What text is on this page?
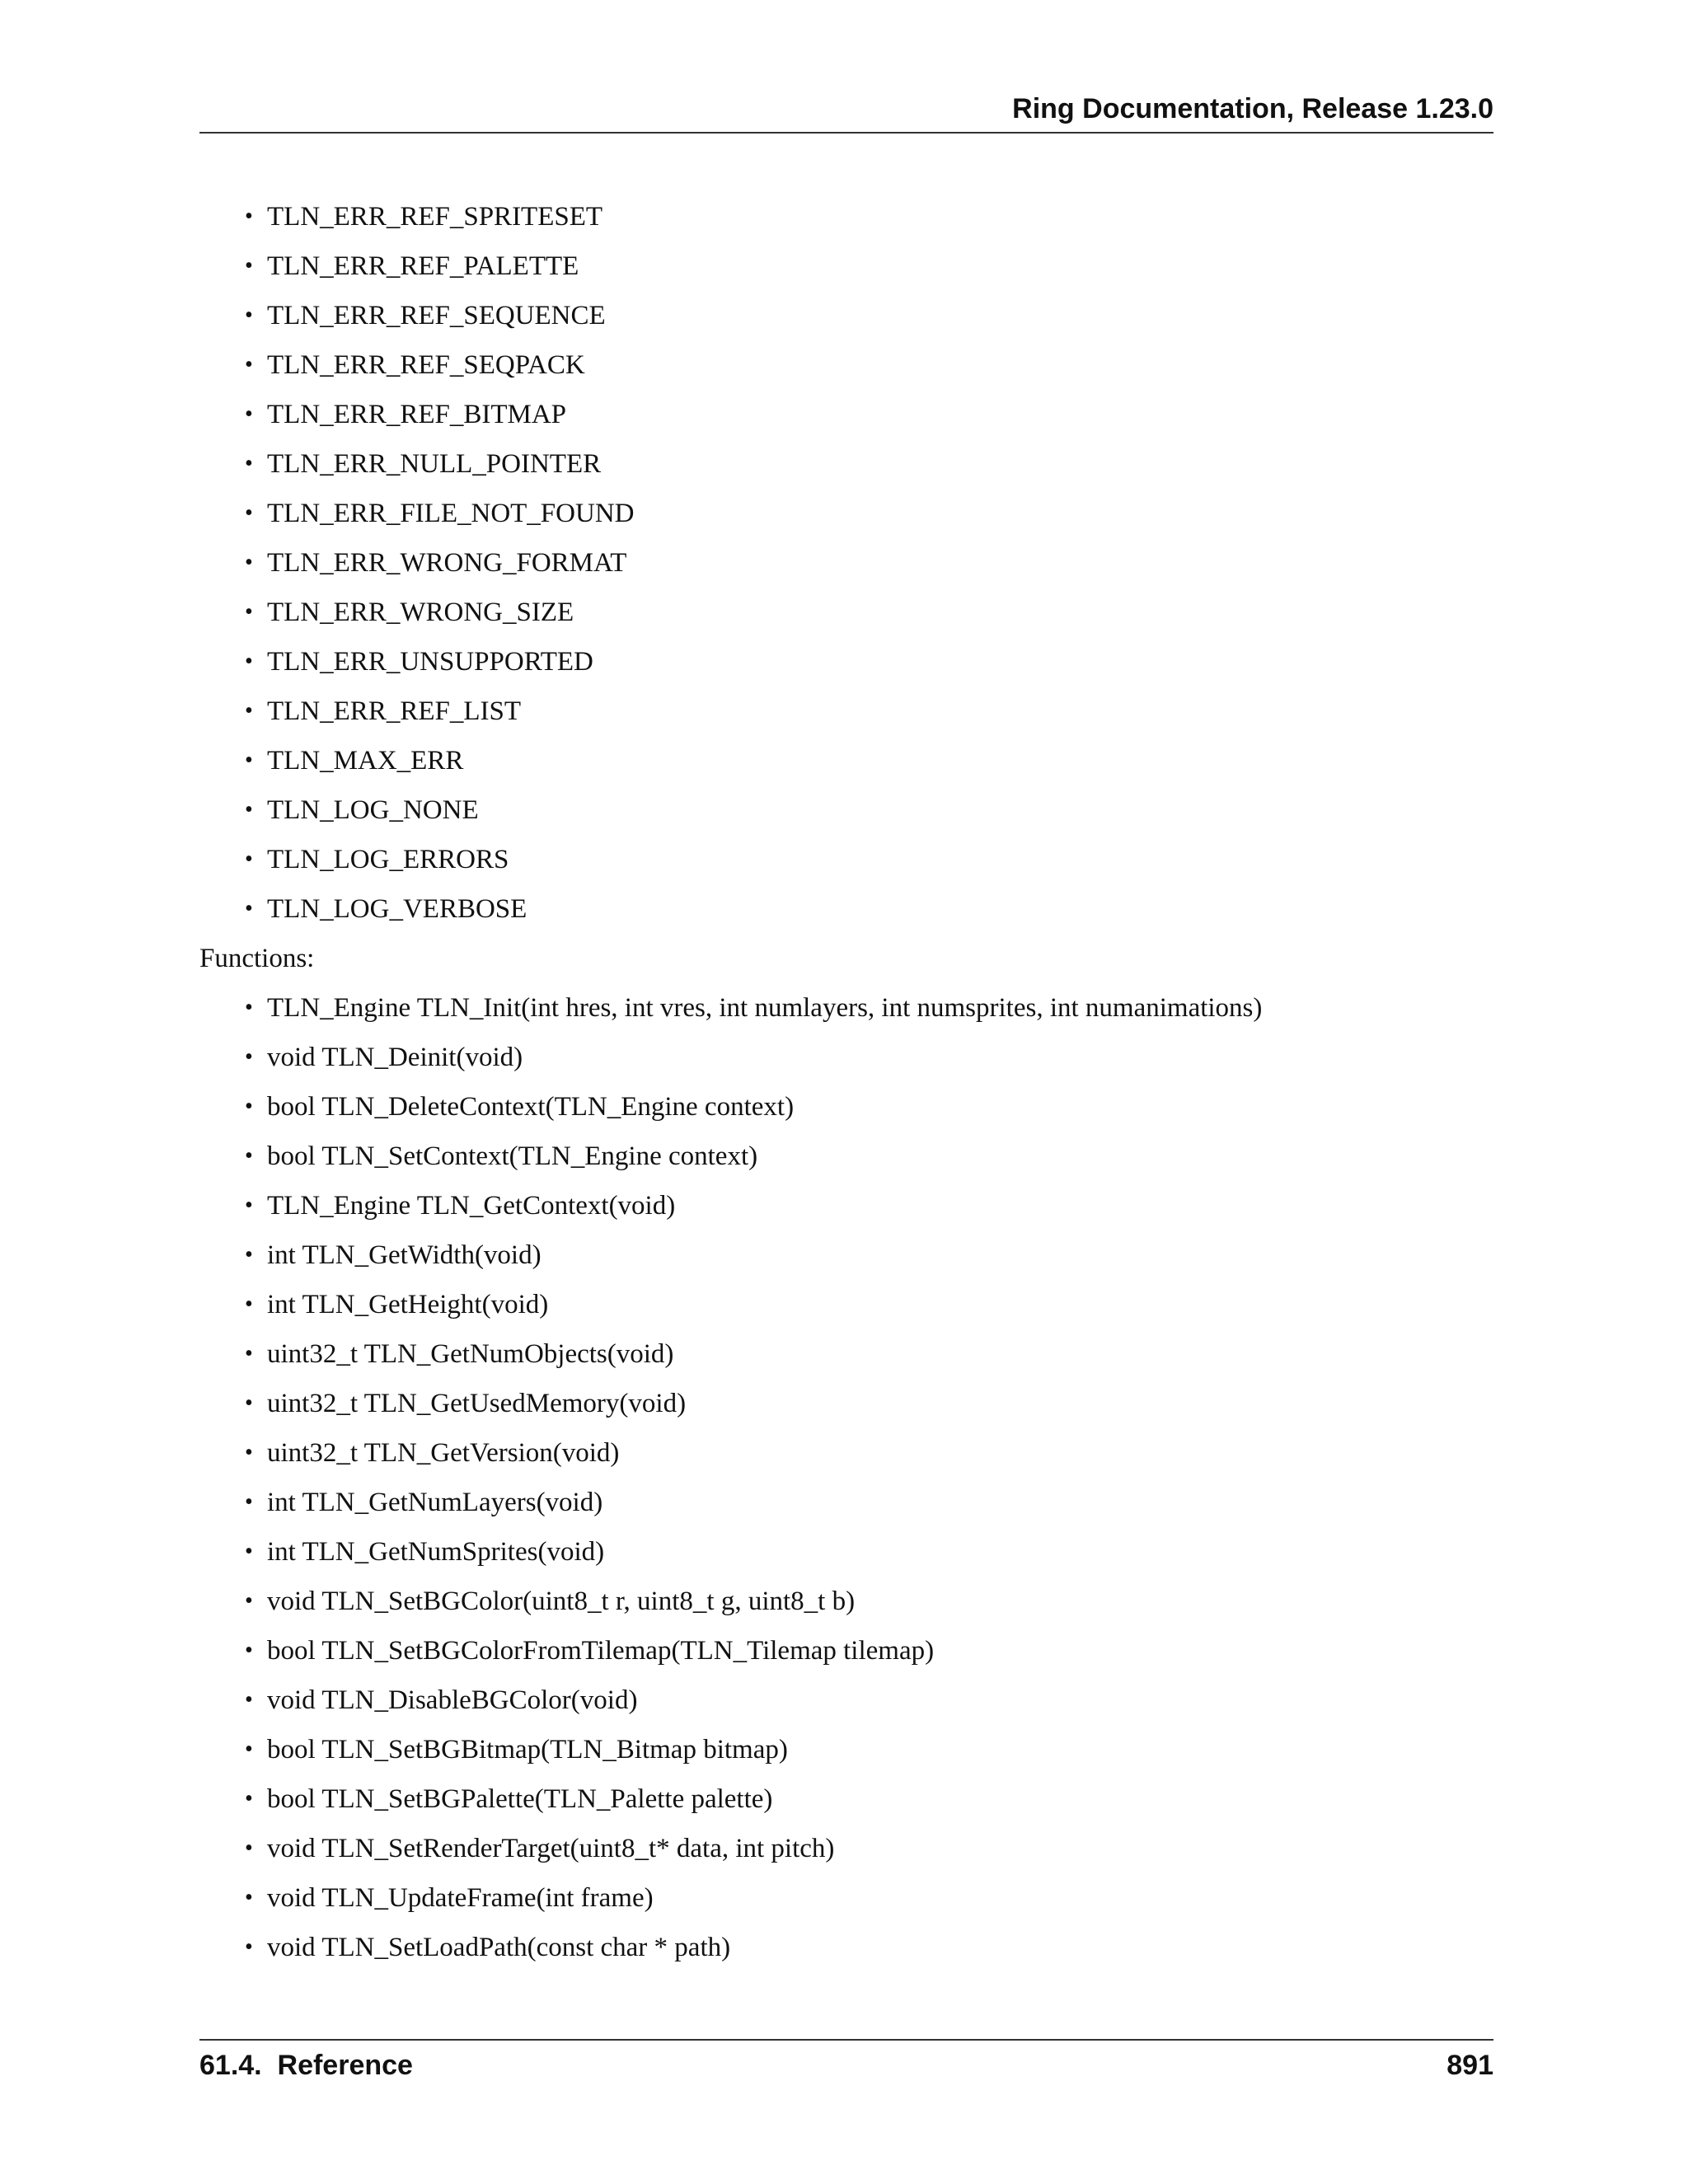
Ring Documentation, Release 1.23.0
• TLN_ERR_REF_SPRITESET
• TLN_ERR_REF_PALETTE
• TLN_ERR_REF_SEQUENCE
• TLN_ERR_REF_SEQPACK
• TLN_ERR_REF_BITMAP
• TLN_ERR_NULL_POINTER
• TLN_ERR_FILE_NOT_FOUND
• TLN_ERR_WRONG_FORMAT
• TLN_ERR_WRONG_SIZE
• TLN_ERR_UNSUPPORTED
• TLN_ERR_REF_LIST
• TLN_MAX_ERR
• TLN_LOG_NONE
• TLN_LOG_ERRORS
• TLN_LOG_VERBOSE
Functions:
• TLN_Engine TLN_Init(int hres, int vres, int numlayers, int numsprites, int numanimations)
• void TLN_Deinit(void)
• bool TLN_DeleteContext(TLN_Engine context)
• bool TLN_SetContext(TLN_Engine context)
• TLN_Engine TLN_GetContext(void)
• int TLN_GetWidth(void)
• int TLN_GetHeight(void)
• uint32_t TLN_GetNumObjects(void)
• uint32_t TLN_GetUsedMemory(void)
• uint32_t TLN_GetVersion(void)
• int TLN_GetNumLayers(void)
• int TLN_GetNumSprites(void)
• void TLN_SetBGColor(uint8_t r, uint8_t g, uint8_t b)
• bool TLN_SetBGColorFromTilemap(TLN_Tilemap tilemap)
• void TLN_DisableBGColor(void)
• bool TLN_SetBGBitmap(TLN_Bitmap bitmap)
• bool TLN_SetBGPalette(TLN_Palette palette)
• void TLN_SetRenderTarget(uint8_t* data, int pitch)
• void TLN_UpdateFrame(int frame)
• void TLN_SetLoadPath(const char * path)
61.4.  Reference	891
